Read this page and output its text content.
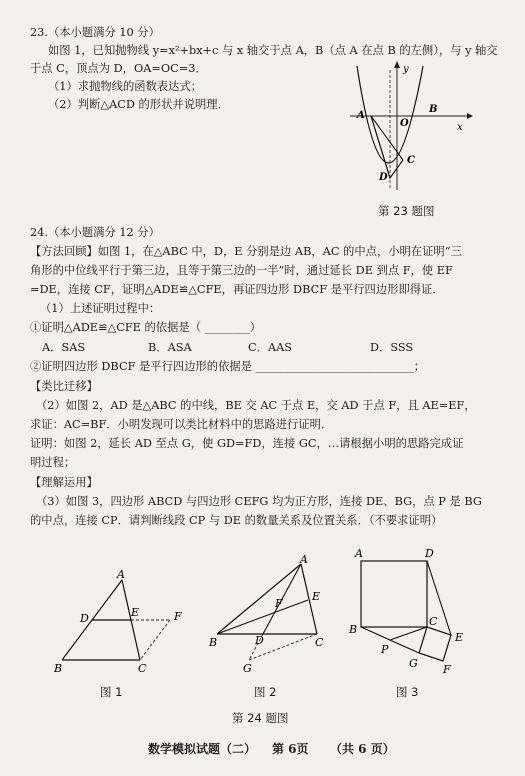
23.（本小题满分 10 分）
如图 1，已知抛物线 y=x²+bx+c 与 x 轴交于点 A，B（点 A 在点 B 的左侧），与 y 轴交
于点 C，顶点为 D，OA=OC=3．
（1）求抛物线的函数表达式；
（2）判断△ACD 的形状并说明理．
A
O
B
C
D
y
x
第 23 题图
24.（本小题满分 12 分）
【方法回顾】如图 1，在△ABC 中，D，E 分别是边 AB，AC 的中点，小明在证明“三
角形的中位线平行于第三边，且等于第三边的一半”时，通过延长 DE 到点 F，使 EF
=DE，连接 CF，证明△ADE≌△CFE，再证四边形 DBCF 是平行四边形即得证．
（1）上述证明过程中：
①证明△ADE≌△CFE 的依据是（ ________）
A．SAS	B．ASA	C．AAS	D．SSS
②证明四边形 DBCF 是平行四边形的依据是 ____________________________；
【类比迁移】
（2）如图 2，AD 是△ABC 的中线，BE 交 AC 于点 E，交 AD 于点 F，且 AE=EF，
求证：AC=BF．小明发现可以类比材料中的思路进行证明．
证明：如图 2，延长 AD 至点 G，使 GD=FD，连接 GC，…请根据小明的思路完成证
明过程；
【理解运用】
（3）如图 3，四边形 ABCD 与四边形 CEFG 均为正方形，连接 DE、BG，点 P 是 BG
的中点，连接 CP．请判断线段 CP 与 DE 的数量关系及位置关系．（不要求证明）
A
D	E	F
B	C
A
F
E
B	D	C
G
A	D
B
C
E
P
G F
图 1	图 2	图 3
第 24 题图
数学模拟试题（二） 第 6页 （共 6 页）
